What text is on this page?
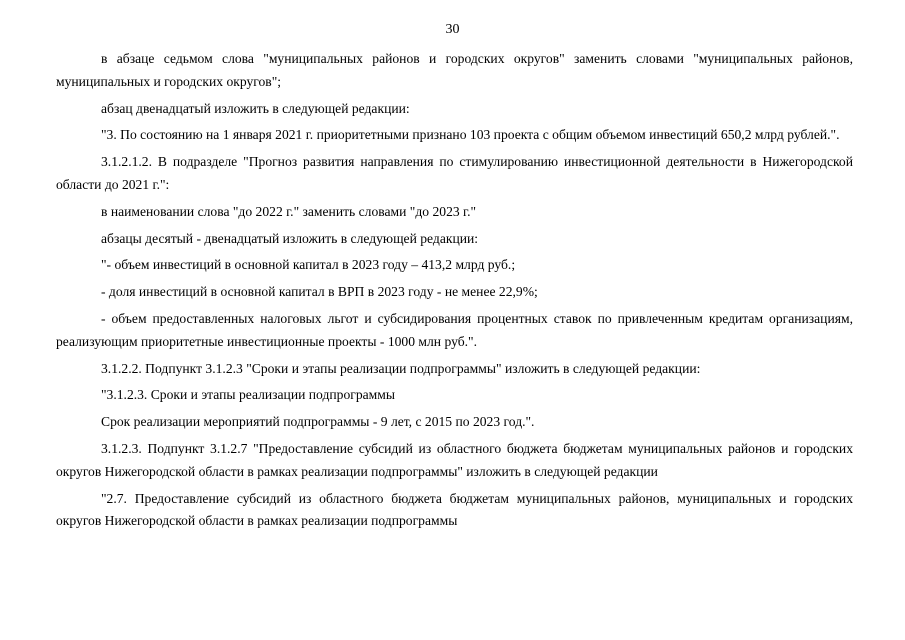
30

в абзаце седьмом слова "муниципальных районов и городских округов" заменить словами "муниципальных районов, муниципальных и городских округов";

абзац двенадцатый изложить в следующей редакции:

"3. По состоянию на 1 января 2021 г. приоритетными признано 103 проекта с общим объемом инвестиций 650,2 млрд рублей.".

3.1.2.1.2. В подразделе "Прогноз развития направления по стимулированию инвестиционной деятельности в Нижегородской области до 2021 г.":

в наименовании слова "до 2022 г." заменить словами "до 2023 г."

абзацы десятый - двенадцатый изложить в следующей редакции:

"- объем инвестиций в основной капитал в 2023 году – 413,2 млрд руб.;

- доля инвестиций в основной капитал в ВРП в 2023 году - не менее 22,9%;

- объем предоставленных налоговых льгот и субсидирования процентных ставок по привлеченным кредитам организациям, реализующим приоритетные инвестиционные проекты - 1000 млн руб.".

3.1.2.2. Подпункт 3.1.2.3 "Сроки и этапы реализации подпрограммы" изложить в следующей редакции:

"3.1.2.3. Сроки и этапы реализации подпрограммы

Срок реализации мероприятий подпрограммы - 9 лет, с 2015 по 2023 год.".

3.1.2.3. Подпункт 3.1.2.7 "Предоставление субсидий из областного бюджета бюджетам муниципальных районов и городских округов Нижегородской области в рамках реализации подпрограммы" изложить в следующей редакции

"2.7. Предоставление субсидий из областного бюджета бюджетам муниципальных районов, муниципальных и городских округов Нижегородской области в рамках реализации подпрограммы
